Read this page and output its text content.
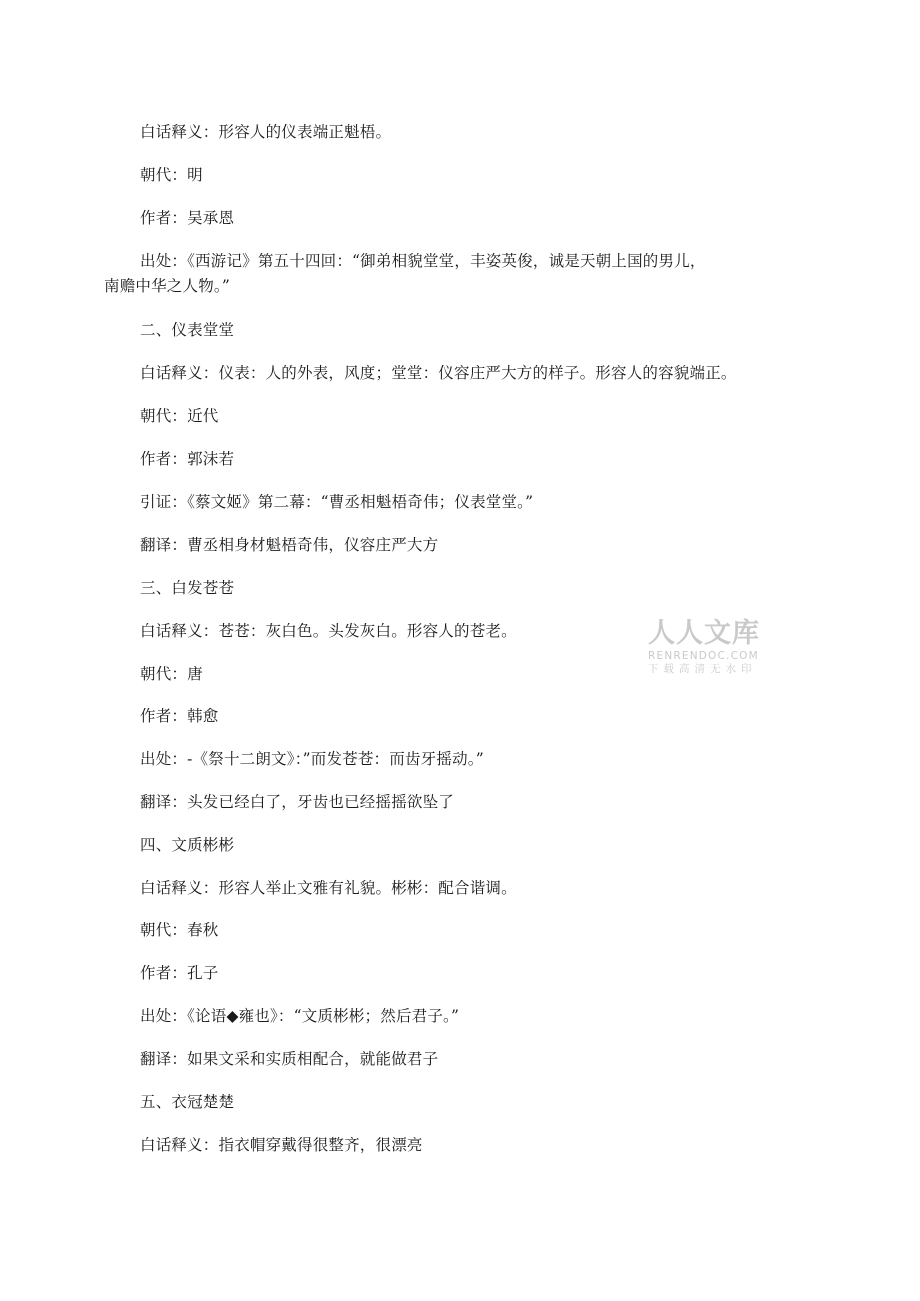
白话释义：形容人的仪表端正魁梧。
朝代：明
作者：吴承恩
出处：《西游记》第五十四回：“御弟相貌堂堂，丰姿英俊，诚是天朝上国的男儿，
南赡中华之人物。”
二、仪表堂堂
白话释义：仪表：人的外表，风度；堂堂：仪容庄严大方的样子。形容人的容貌端正。
朝代：近代
作者：郭沫若
引证：《蔡文姬》第二幕：“曹丞相魁梧奇伟；仪表堂堂。”
翻译：曹丞相身材魁梧奇伟，仪容庄严大方
三、白发苍苍
白话释义：苍苍：灰白色。头发灰白。形容人的苍老。
朝代：唐
作者：韩愈
出处：-《祭十二朗文》：”而发苍苍：而齿牙摇动。”
翻译：头发已经白了，牙齿也已经摇摇欲坠了
四、文质彬彬
白话释义：形容人举止文雅有礼貌。彬彬：配合谐调。
朝代：春秋
作者：孔子
出处：《论语◆雍也》：“文质彬彬；然后君子。”
翻译：如果文采和实质相配合，就能做君子
五、衣冠楚楚
白话释义：指衣帽穿戴得很整齐，很漂亮
人人文库
RENRENDOC.COM
下载高清无水印
